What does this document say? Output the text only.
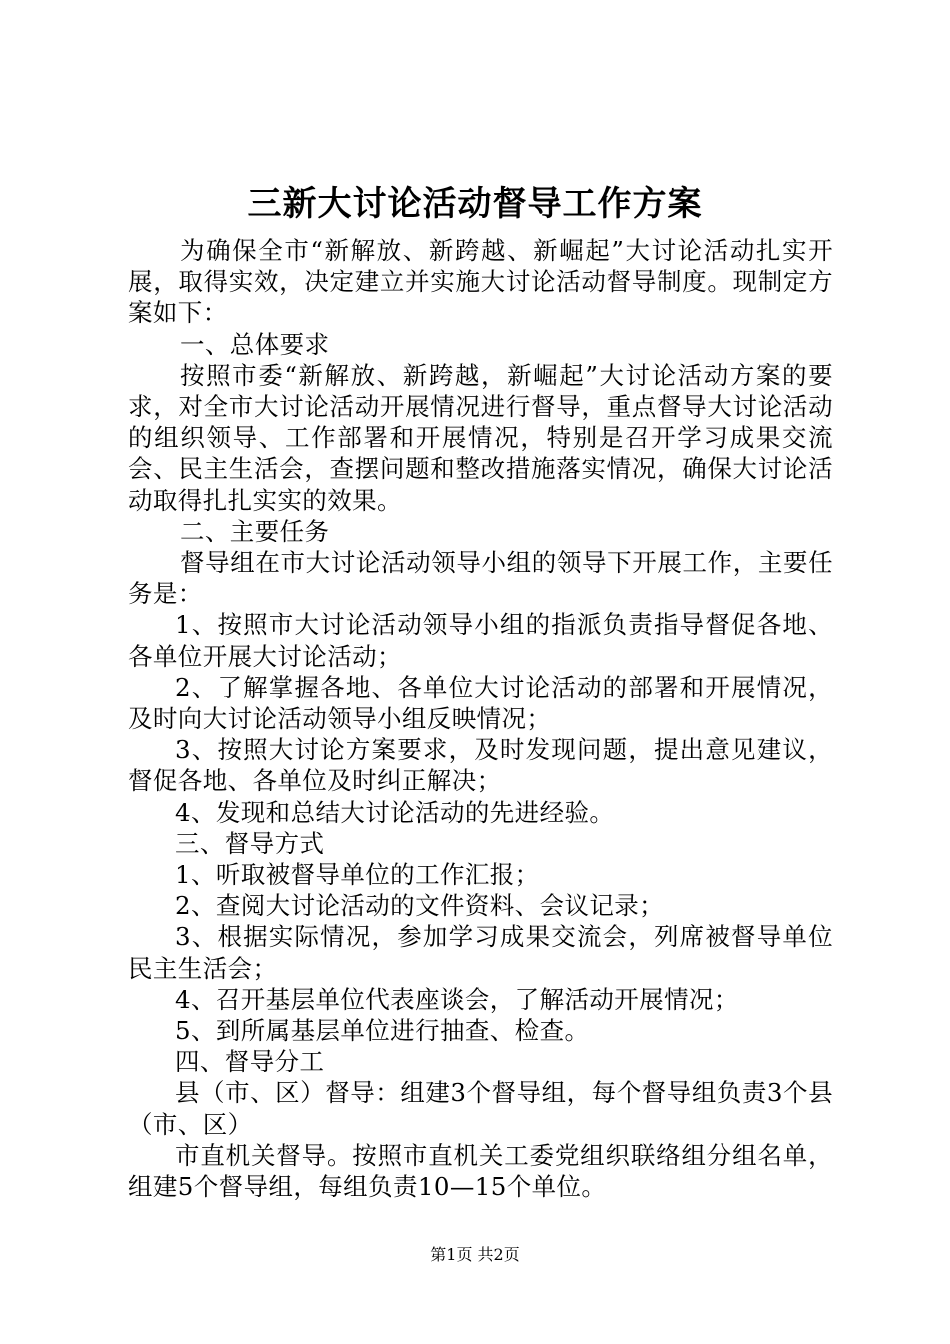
三新大讨论活动督导工作方案

为确保全市“新解放、新跨越、新崛起”大讨论活动扎实开展，取得实效，决定建立并实施大讨论活动督导制度。现制定方案如下：

一、总体要求

按照市委“新解放、新跨越，新崛起”大讨论活动方案的要求，对全市大讨论活动开展情况进行督导，重点督导大讨论活动的组织领导、工作部署和开展情况，特别是召开学习成果交流会、民主生活会，查摆问题和整改措施落实情况，确保大讨论活动取得扎扎实实的效果。

二、主要任务

督导组在市大讨论活动领导小组的领导下开展工作，主要任务是：

1、按照市大讨论活动领导小组的指派负责指导督促各地、各单位开展大讨论活动；

2、了解掌握各地、各单位大讨论活动的部署和开展情况，及时向大讨论活动领导小组反映情况；

3、按照大讨论方案要求，及时发现问题，提出意见建议，督促各地、各单位及时纠正解决；

4、发现和总结大讨论活动的先进经验。

三、督导方式

1、听取被督导单位的工作汇报；

2、查阅大讨论活动的文件资料、会议记录；

3、根据实际情况，参加学习成果交流会，列席被督导单位民主生活会；

4、召开基层单位代表座谈会，了解活动开展情况；

5、到所属基层单位进行抽查、检查。

四、督导分工

县（市、区）督导：组建3个督导组，每个督导组负责3个县（市、区）

市直机关督导。按照市直机关工委党组织联络组分组名单，组建5个督导组，每组负责10—15个单位。

第1页 共2页
